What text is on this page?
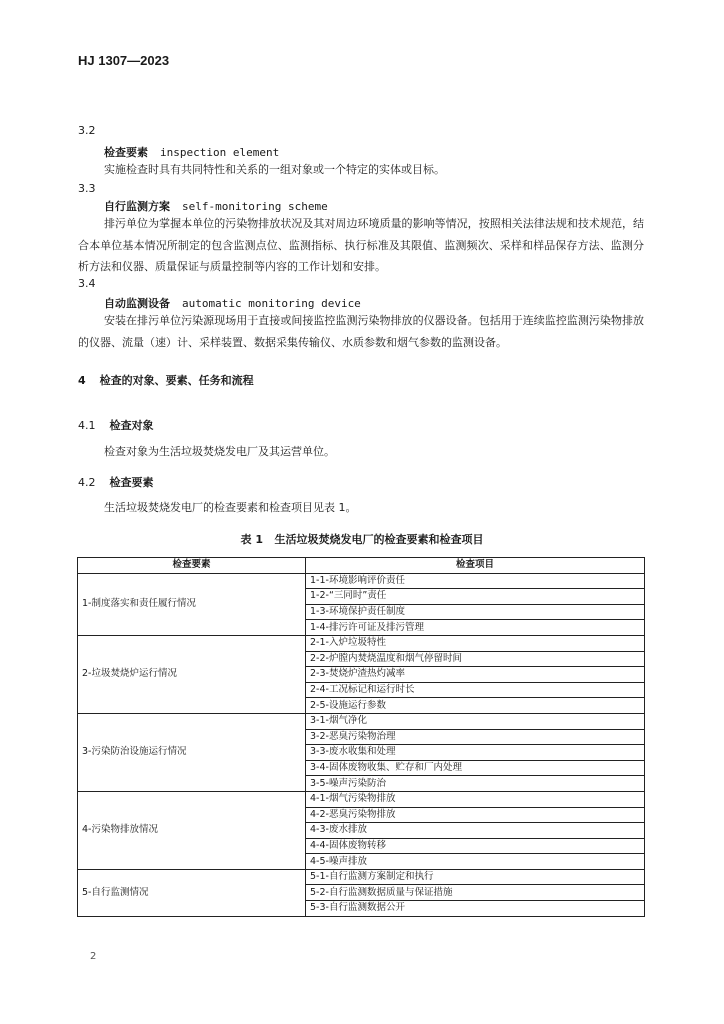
HJ 1307—2023
3.2
检查要素 inspection element
实施检查时具有共同特性和关系的一组对象或一个特定的实体或目标。
3.3
自行监测方案 self-monitoring scheme
排污单位为掌握本单位的污染物排放状况及其对周边环境质量的影响等情况，按照相关法律法规和技术规范，结合本单位基本情况所制定的包含监测点位、监测指标、执行标准及其限值、监测频次、采样和样品保存方法、监测分析方法和仪器、质量保证与质量控制等内容的工作计划和安排。
3.4
自动监测设备 automatic monitoring device
安装在排污单位污染源现场用于直接或间接监控监测污染物排放的仪器设备。包括用于连续监控监测污染物排放的仪器、流量（速）计、采样装置、数据采集传输仪、水质参数和烟气参数的监测设备。
4 检查的对象、要素、任务和流程
4.1 检查对象
检查对象为生活垃圾焚烧发电厂及其运营单位。
4.2 检查要素
生活垃圾焚烧发电厂的检查要素和检查项目见表 1。
表 1 生活垃圾焚烧发电厂的检查要素和检查项目
检查要素	检查项目
1-制度落实和责任履行情况	1-1-环境影响评价责任
	1-2-“三同时”责任
	1-3-环境保护责任制度
	1-4-排污许可证及排污管理
2-垃圾焚烧炉运行情况	2-1-入炉垃圾特性
	2-2-炉膛内焚烧温度和烟气停留时间
	2-3-焚烧炉渣热灼减率
	2-4-工况标记和运行时长
	2-5-设施运行参数
3-污染防治设施运行情况	3-1-烟气净化
	3-2-恶臭污染物治理
	3-3-废水收集和处理
	3-4-固体废物收集、贮存和厂内处理
	3-5-噪声污染防治
4-污染物排放情况	4-1-烟气污染物排放
	4-2-恶臭污染物排放
	4-3-废水排放
	4-4-固体废物转移
	4-5-噪声排放
5-自行监测情况	5-1-自行监测方案制定和执行
	5-2-自行监测数据质量与保证措施
	5-3-自行监测数据公开
2
